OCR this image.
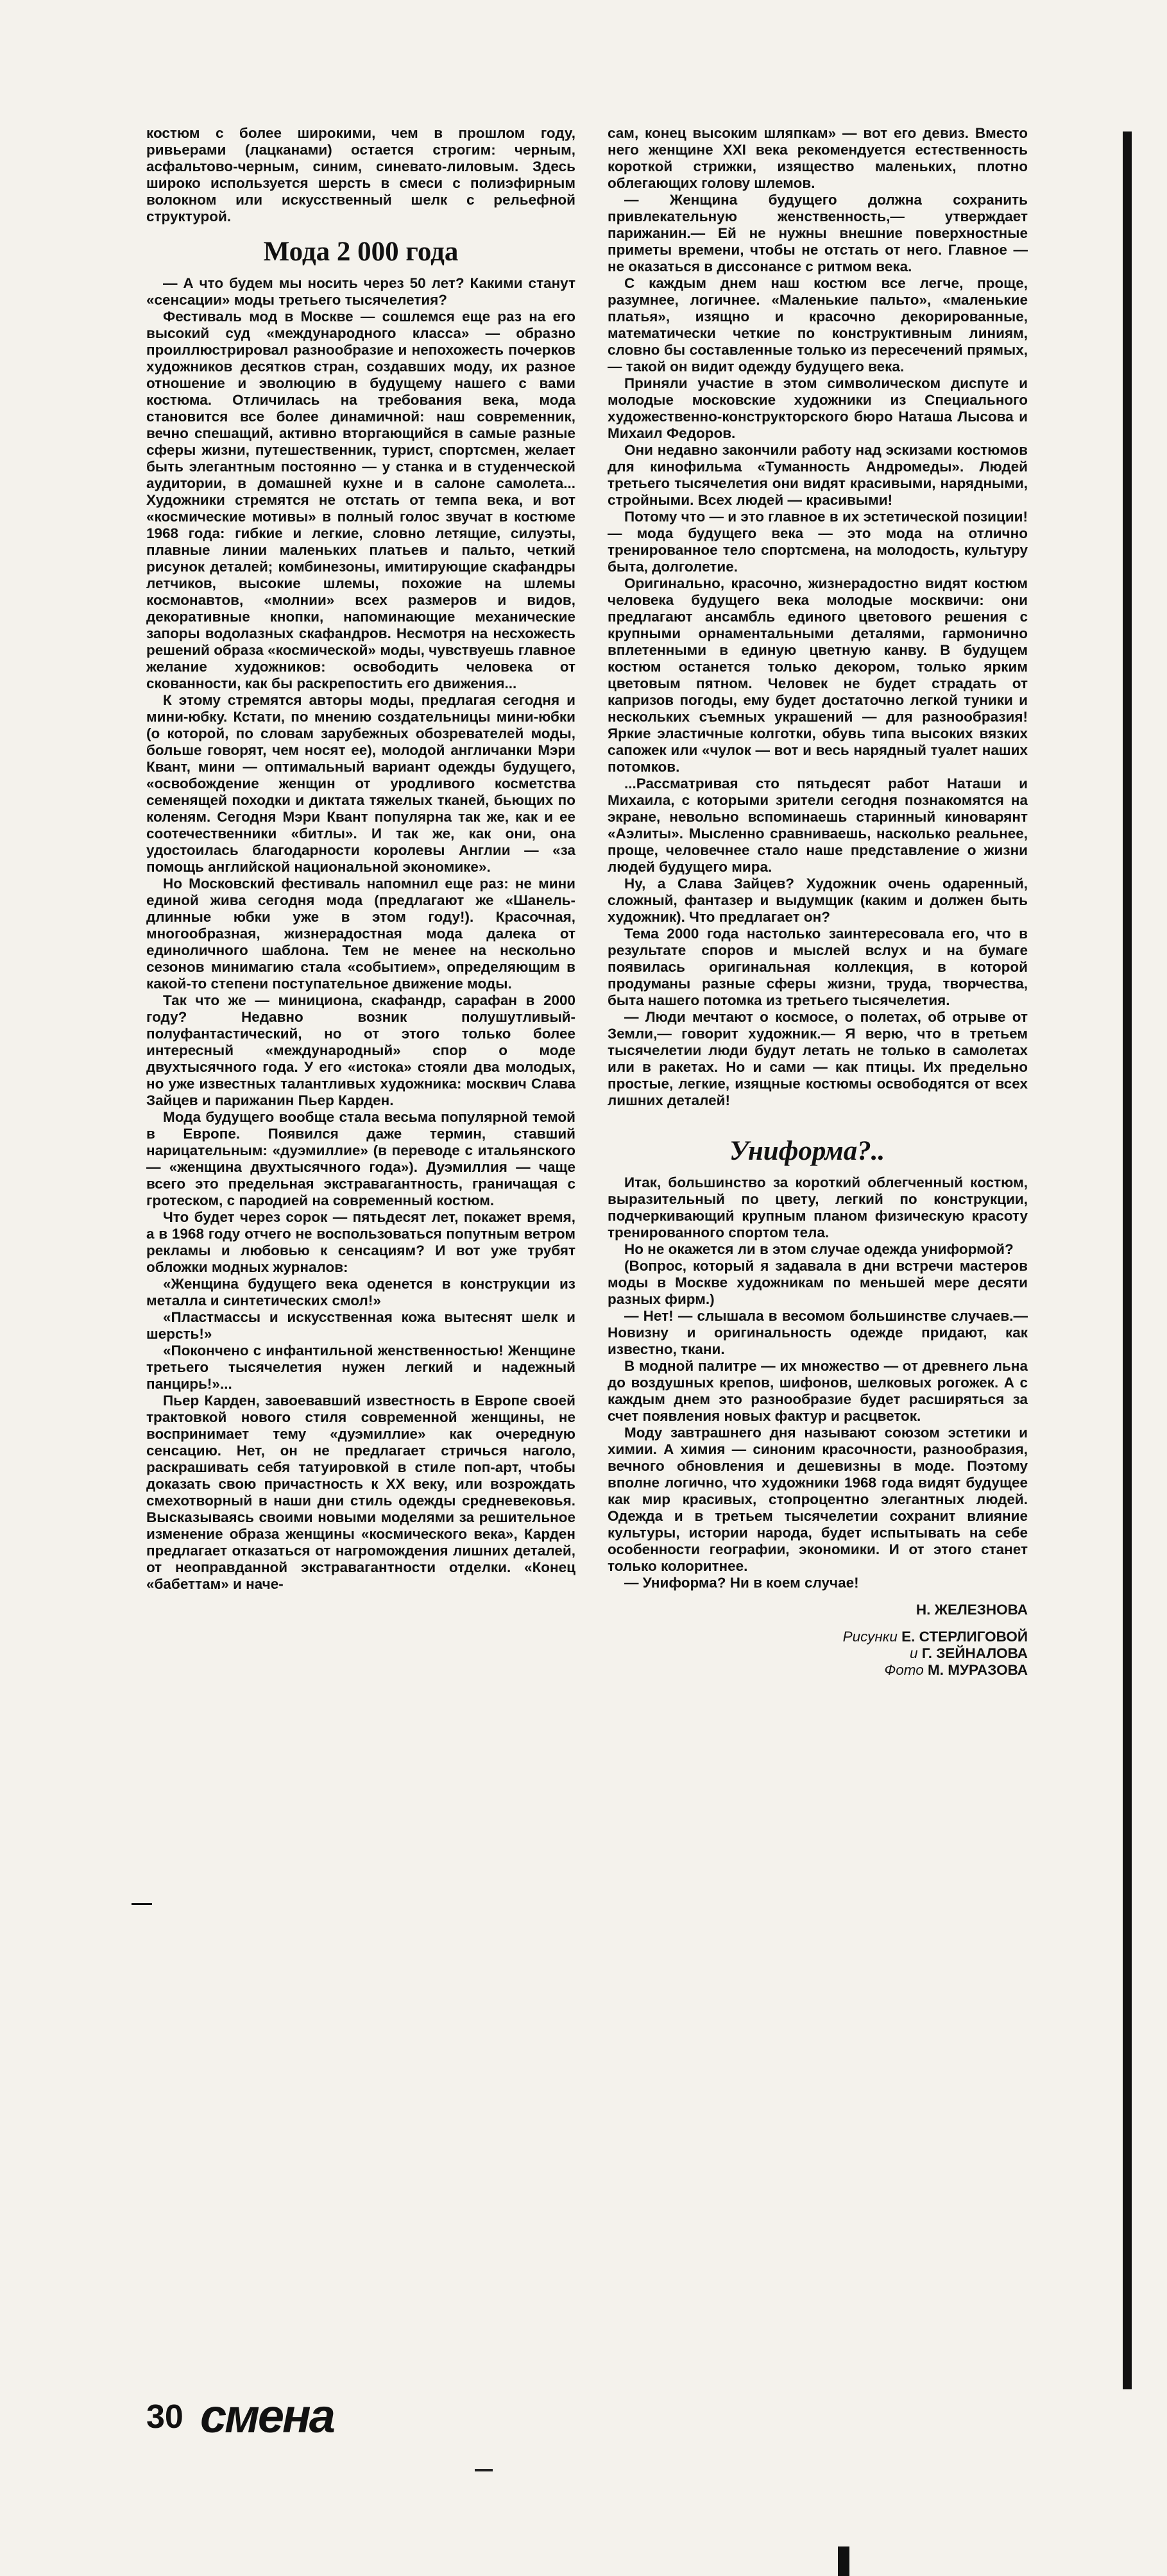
костюм с более широкими, чем в прошлом году, ривьерами (лацканами) остается строгим: черным, асфальтово-черным, синим, синевато-лиловым. Здесь широко используется шерсть в смеси с полиэфирным волокном или искусственный шелк с рельефной структурой.

Мода 2 000 года

— А что будем мы носить через 50 лет? Какими станут «сенсации» моды третьего тысячелетия?

Фестиваль мод в Москве — сошлемся еще раз на его высокий суд «международного класса» — образно проиллюстрировал разнообразие и непохожесть почерков художников десятков стран, создавших моду, их разное отношение и эволюцию в будущему нашего с вами костюма. Отличилась на требования века, мода становится все более динамичной: наш современник, вечно спешащий, активно вторгающийся в самые разные сферы жизни, путешественник, турист, спортсмен, желает быть элегантным постоянно — у станка и в студенческой аудитории, в домашней кухне и в салоне самолета... Художники стремятся не отстать от темпа века, и вот «космические мотивы» в полный голос звучат в костюме 1968 года: гибкие и легкие, словно летящие, силуэты, плавные линии маленьких платьев и пальто, четкий рисунок деталей; комбинезоны, имитирующие скафандры летчиков, высокие шлемы, похожие на шлемы космонавтов, «молнии» всех размеров и видов, декоративные кнопки, напоминающие механические запоры водолазных скафандров. Несмотря на несхожесть решений образа «космической» моды, чувствуешь главное желание художников: освободить человека от скованности, как бы раскрепостить его движения...

К этому стремятся авторы моды, предлагая сегодня и мини-юбку. Кстати, по мнению создательницы мини-юбки (о которой, по словам зарубежных обозревателей моды, больше говорят, чем носят ее), молодой англичанки Мэри Квант, мини — оптимальный вариант одежды будущего, «освобождение женщин от уродливого косметства семенящей походки и диктата тяжелых тканей, бьющих по коленям. Сегодня Мэри Квант популярна так же, как и ее соотечественники «битлы». И так же, как они, она удостоилась благодарности королевы Англии — «за помощь английской национальной экономике».

Но Московский фестиваль напомнил еще раз: не мини единой жива сегодня мода (предлагают же «Шанель-длинные юбки уже в этом году!). Красочная, многообразная, жизнерадостная мода далека от единоличного шаблона. Тем не менее на нескольно сезонов минимагию стала «событием», определяющим в какой-то степени поступательное движение моды.

Так что же — минициона, скафандр, сарафан в 2000 году? Недавно возник полушутливый-полуфантастический, но от этого только более интересный «международный» спор о моде двухтысячного года. У его «истока» стояли два молодых, но уже известных талантливых художника: москвич Слава Зайцев и парижанин Пьер Карден.

Мода будущего вообще стала весьма популярной темой в Европе. Появился даже термин, ставший нарицательным: «дуэмиллие» (в переводе с итальянского — «женщина двухтысячного года»). Дуэмиллия — чаще всего это предельная экстравагантность, граничащая с гротеском, с пародией на современный костюм.

Что будет через сорок — пятьдесят лет, покажет время, а в 1968 году отчего не воспользоваться попутным ветром рекламы и любовью к сенсациям? И вот уже трубят обложки модных журналов:

«Женщина будущего века оденется в конструкции из металла и синтетических смол!»

«Пластмассы и искусственная кожа вытеснят шелк и шерсть!»

«Покончено с инфантильной женственностью! Женщине третьего тысячелетия нужен легкий и надежный панцирь!»...

Пьер Карден, завоевавший известность в Европе своей трактовкой нового стиля современной женщины, не воспринимает тему «дуэмиллие» как очередную сенсацию. Нет, он не предлагает стричься наголо, раскрашивать себя татуировкой в стиле поп-арт, чтобы доказать свою причастность к XX веку, или возрождать смехотворный в наши дни стиль одежды средневековья. Высказываясь своими новыми моделями за решительное изменение образа женщины «космического века», Карден предлагает отказаться от нагромождения лишних деталей, от неоправданной экстравагантности отделки. «Конец «бабеттам» и наче-

сам, конец высоким шляпкам» — вот его девиз. Вместо него женщине XXI века рекомендуется естественность короткой стрижки, изящество маленьких, плотно облегающих голову шлемов.

— Женщина будущего должна сохранить привлекательную женственность,— утверждает парижанин.— Ей не нужны внешние поверхностные приметы времени, чтобы не отстать от него. Главное — не оказаться в диссонансе с ритмом века.

С каждым днем наш костюм все легче, проще, разумнее, логичнее. «Маленькие пальто», «маленькие платья», изящно и красочно декорированные, математически четкие по конструктивным линиям, словно бы составленные только из пересечений прямых,— такой он видит одежду будущего века.

Приняли участие в этом символическом диспуте и молодые московские художники из Специального художественно-конструкторского бюро Наташа Лысова и Михаил Федоров.

Они недавно закончили работу над эскизами костюмов для кинофильма «Туманность Андромеды». Людей третьего тысячелетия они видят красивыми, нарядными, стройными. Всех людей — красивыми!

Потому что — и это главное в их эстетической позиции! — мода будущего века — это мода на отлично тренированное тело спортсмена, на молодость, культуру быта, долголетие.

Оригинально, красочно, жизнерадостно видят костюм человека будущего века молодые москвичи: они предлагают ансамбль единого цветового решения с крупными орнаментальными деталями, гармонично вплетенными в единую цветную канву. В будущем костюм останется только декором, только ярким цветовым пятном. Человек не будет страдать от капризов погоды, ему будет достаточно легкой туники и нескольких съемных украшений — для разнообразия! Яркие эластичные колготки, обувь типа высоких вязких сапожек или «чулок — вот и весь нарядный туалет наших потомков.

...Рассматривая сто пятьдесят работ Наташи и Михаила, с которыми зрители сегодня познакомятся на экране, невольно вспоминаешь старинный киноварянт «Аэлиты». Мысленно сравниваешь, насколько реальнее, проще, человечнее стало наше представление о жизни людей будущего мира.

Ну, а Слава Зайцев? Художник очень одаренный, сложный, фантазер и выдумщик (каким и должен быть художник). Что предлагает он?

Тема 2000 года настолько заинтересовала его, что в результате споров и мыслей вслух и на бумаге появилась оригинальная коллекция, в которой продуманы разные сферы жизни, труда, творчества, быта нашего потомка из третьего тысячелетия.

— Люди мечтают о космосе, о полетах, об отрыве от Земли,— говорит художник.— Я верю, что в третьем тысячелетии люди будут летать не только в самолетах или в ракетах. Но и сами — как птицы. Их предельно простые, легкие, изящные костюмы освободятся от всех лишних деталей!

Униформа?..

Итак, большинство за короткий облегченный костюм, выразительный по цвету, легкий по конструкции, подчеркивающий крупным планом физическую красоту тренированного спортом тела.

Но не окажется ли в этом случае одежда униформой?

(Вопрос, который я задавала в дни встречи мастеров моды в Москве художникам по меньшей мере десяти разных фирм.)

— Нет! — слышала в весомом большинстве случаев.— Новизну и оригинальность одежде придают, как известно, ткани.

В модной палитре — их множество — от древнего льна до воздушных крепов, шифонов, шелковых рогожек. А с каждым днем это разнообразие будет расширяться за счет появления новых фактур и расцветок.

Моду завтрашнего дня называют союзом эстетики и химии. А химия — синоним красочности, разнообразия, вечного обновления и дешевизны в моде. Поэтому вполне логично, что художники 1968 года видят будущее как мир красивых, стопроцентно элегантных людей. Одежда и в третьем тысячелетии сохранит влияние культуры, истории народа, будет испытывать на себе особенности географии, экономики. И от этого станет только колоритнее.

— Униформа? Ни в коем случае!

Н. ЖЕЛЕЗНОВА
Рисунки Е. СТЕРЛИГОВОЙ
и Г. ЗЕЙНАЛОВА
Фото М. МУРАЗОВА
30 смена
